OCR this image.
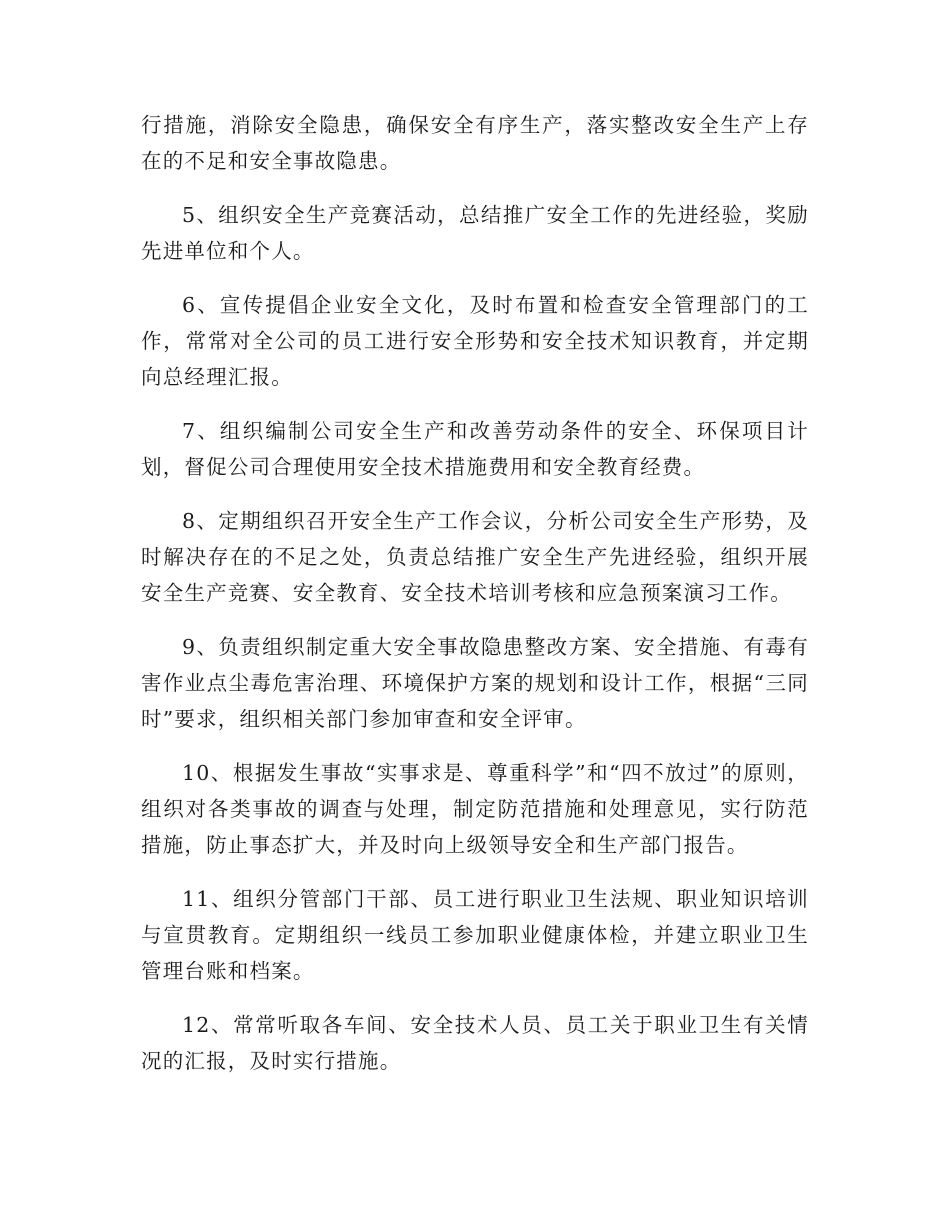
行措施，消除安全隐患，确保安全有序生产，落实整改安全生产上存在的不足和安全事故隐患。

5、组织安全生产竞赛活动，总结推广安全工作的先进经验，奖励先进单位和个人。

6、宣传提倡企业安全文化，及时布置和检查安全管理部门的工作，常常对全公司的员工进行安全形势和安全技术知识教育，并定期向总经理汇报。

7、组织编制公司安全生产和改善劳动条件的安全、环保项目计划，督促公司合理使用安全技术措施费用和安全教育经费。

8、定期组织召开安全生产工作会议，分析公司安全生产形势，及时解决存在的不足之处，负责总结推广安全生产先进经验，组织开展安全生产竞赛、安全教育、安全技术培训考核和应急预案演习工作。

9、负责组织制定重大安全事故隐患整改方案、安全措施、有毒有害作业点尘毒危害治理、环境保护方案的规划和设计工作，根据“三同时”要求，组织相关部门参加审查和安全评审。

10、根据发生事故“实事求是、尊重科学”和“四不放过”的原则，组织对各类事故的调查与处理，制定防范措施和处理意见，实行防范措施，防止事态扩大，并及时向上级领导安全和生产部门报告。

11、组织分管部门干部、员工进行职业卫生法规、职业知识培训与宣贯教育。定期组织一线员工参加职业健康体检，并建立职业卫生管理台账和档案。

12、常常听取各车间、安全技术人员、员工关于职业卫生有关情况的汇报，及时实行措施。
